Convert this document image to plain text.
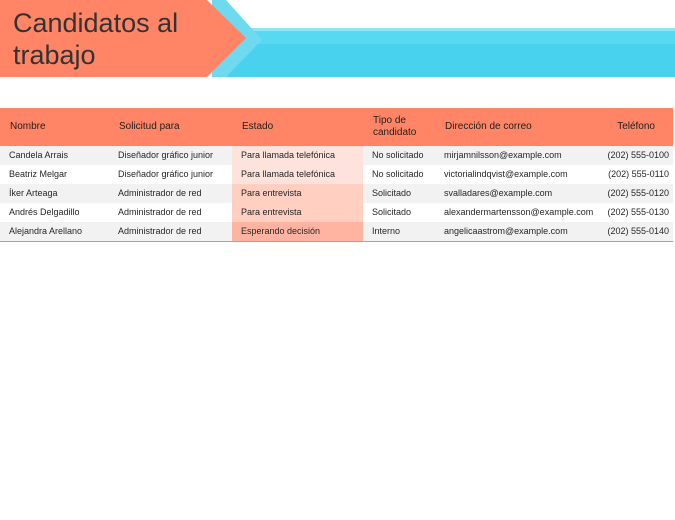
Candidatos al trabajo
Nombre	Solicitud para	Estado	Tipo de candidato	Dirección de correo	Teléfono
Candela Arrais	Diseñador gráfico junior	Para llamada telefónica	No solicitado	mirjamnilsson@example.com	(202) 555-0100
Beatriz Melgar	Diseñador gráfico junior	Para llamada telefónica	No solicitado	victorialindqvist@example.com	(202) 555-0110
Íker Arteaga	Administrador de red	Para entrevista	Solicitado	svalladares@example.com	(202) 555-0120
Andrés Delgadillo	Administrador de red	Para entrevista	Solicitado	alexandermartensson@example.com	(202) 555-0130
Alejandra Arellano	Administrador de red	Esperando decisión	Interno	angelicaastrom@example.com	(202) 555-0140
